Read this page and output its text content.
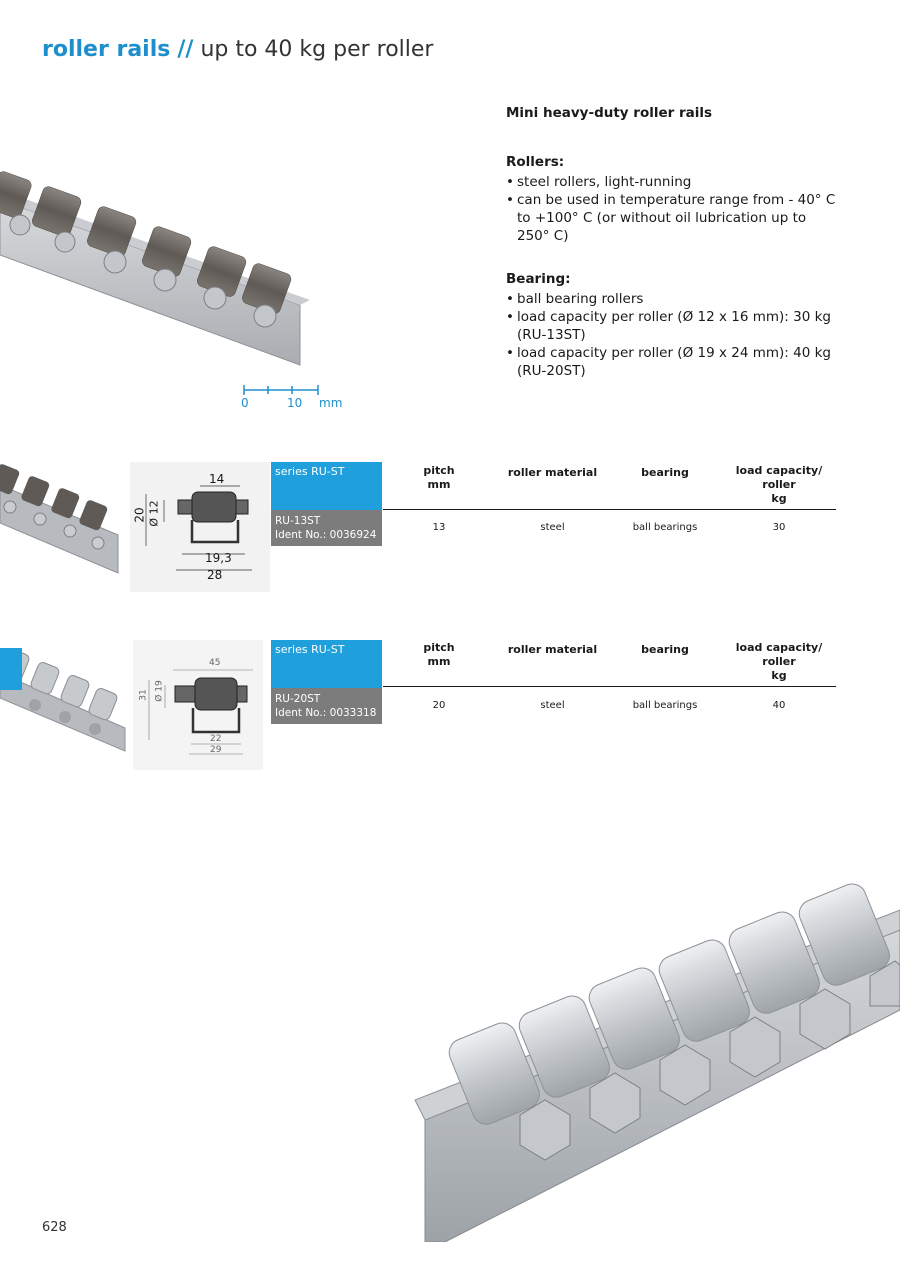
roller rails // up to 40 kg per roller
0	10 mm
Mini heavy-duty roller rails
Rollers:
• steel rollers, light-running
• can be used in temperature range from - 40° C to +100° C (or without oil lubrication up to 250° C)
Bearing:
• ball bearing rollers
• load capacity per roller (Ø 12 x 16 mm): 30 kg (RU-13ST)
• load capacity per roller (Ø 19 x 24 mm): 40 kg (RU-20ST)
14
20 Ø 12
19,3
28
series RU-ST
RU-13ST
Ident No.: 0036924
pitch
mm
roller material	bearing	load capacity/
roller
kg
13	steel	ball bearings	30
45
31 Ø 19
22
29
series RU-ST
RU-20ST
Ident No.: 0033318
pitch
mm
roller material	bearing	load capacity/
roller
kg
20	steel	ball bearings	40
628
